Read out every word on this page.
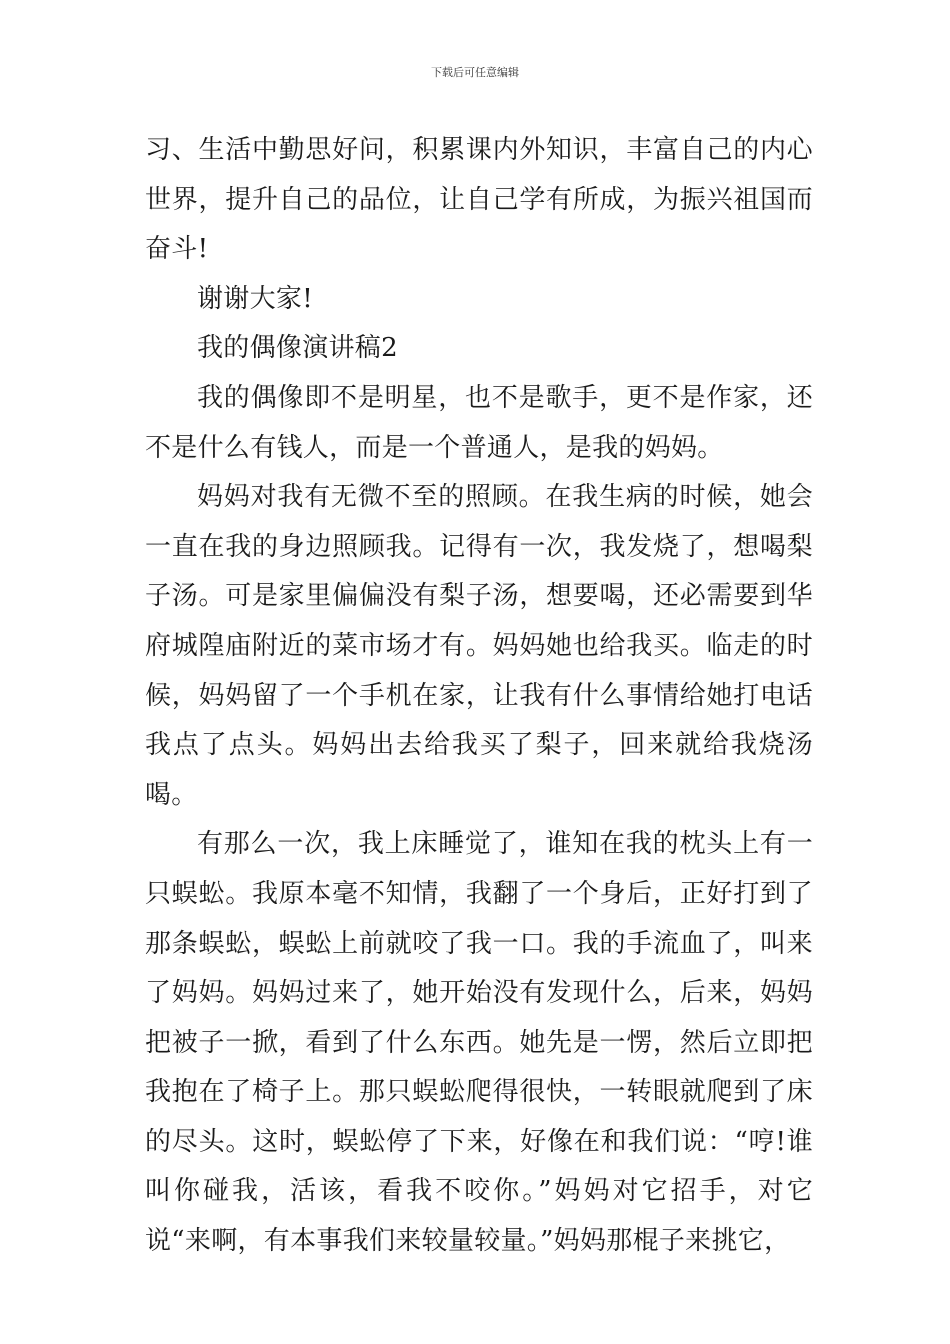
下载后可任意编辑

习、生活中勤思好问，积累课内外知识，丰富自己的内心世界，提升自己的品位，让自己学有所成，为振兴祖国而奋斗!

谢谢大家!

我的偶像演讲稿2

我的偶像即不是明星，也不是歌手，更不是作家，还不是什么有钱人，而是一个普通人，是我的妈妈。

妈妈对我有无微不至的照顾。在我生病的时候，她会一直在我的身边照顾我。记得有一次，我发烧了，想喝梨子汤。可是家里偏偏没有梨子汤，想要喝，还必需要到华府城隍庙附近的菜市场才有。妈妈她也给我买。临走的时候，妈妈留了一个手机在家，让我有什么事情给她打电话我点了点头。妈妈出去给我买了梨子，回来就给我烧汤喝。

有那么一次，我上床睡觉了，谁知在我的枕头上有一只蜈蚣。我原本毫不知情，我翻了一个身后，正好打到了那条蜈蚣，蜈蚣上前就咬了我一口。我的手流血了，叫来了妈妈。妈妈过来了，她开始没有发现什么，后来，妈妈把被子一掀，看到了什么东西。她先是一愣，然后立即把我抱在了椅子上。那只蜈蚣爬得很快，一转眼就爬到了床的尽头。这时，蜈蚣停了下来，好像在和我们说：“哼!谁叫你碰我，活该，看我不咬你。”妈妈对它招手，对它说“来啊，有本事我们来较量较量。”妈妈那棍子来挑它，
